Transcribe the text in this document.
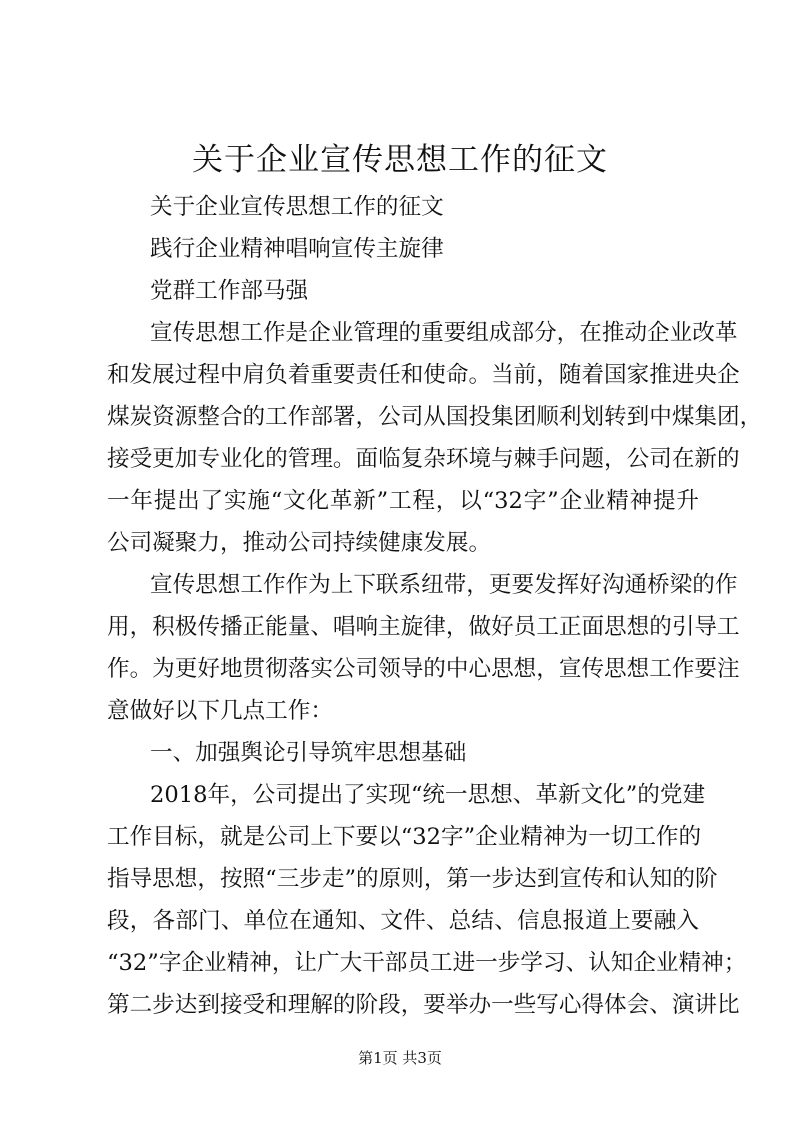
关于企业宣传思想工作的征文

关于企业宣传思想工作的征文

践行企业精神唱响宣传主旋律

党群工作部马强

宣传思想工作是企业管理的重要组成部分，在推动企业改革

和发展过程中肩负着重要责任和使命。当前，随着国家推进央企

煤炭资源整合的工作部署，公司从国投集团顺利划转到中煤集团，

接受更加专业化的管理。面临复杂环境与棘手问题，公司在新的

一年提出了实施“文化革新”工程，以“32字”企业精神提升

公司凝聚力，推动公司持续健康发展。

宣传思想工作作为上下联系纽带，更要发挥好沟通桥梁的作

用，积极传播正能量、唱响主旋律，做好员工正面思想的引导工

作。为更好地贯彻落实公司领导的中心思想，宣传思想工作要注

意做好以下几点工作：

一、加强舆论引导筑牢思想基础

2018年，公司提出了实现“统一思想、革新文化”的党建

工作目标，就是公司上下要以“32字”企业精神为一切工作的

指导思想，按照“三步走”的原则，第一步达到宣传和认知的阶

段，各部门、单位在通知、文件、总结、信息报道上要融入

“32”字企业精神，让广大干部员工进一步学习、认知企业精神；

第二步达到接受和理解的阶段，要举办一些写心得体会、演讲比

第1页 共3页
